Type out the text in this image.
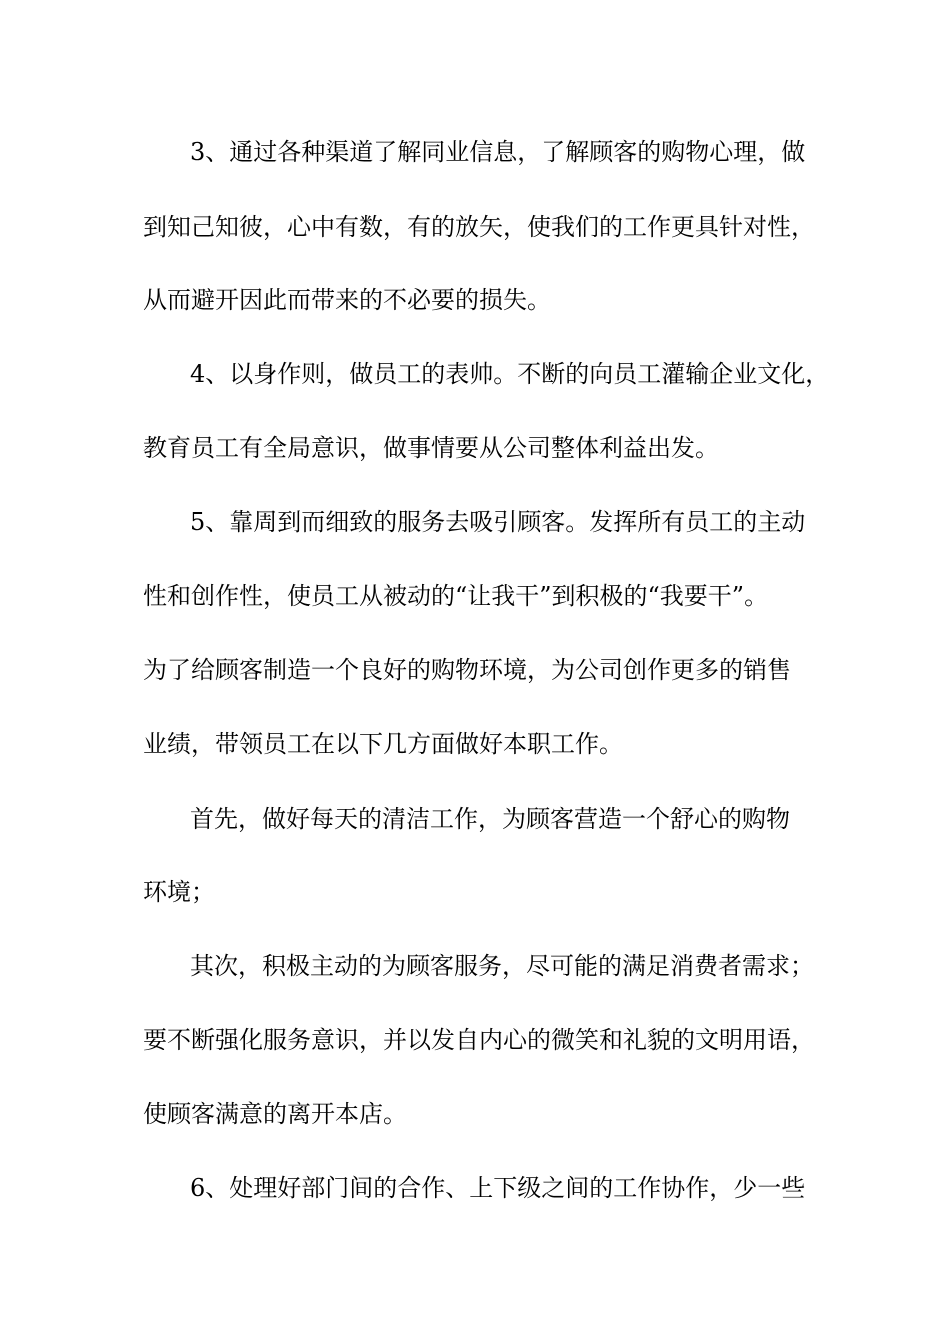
3、通过各种渠道了解同业信息，了解顾客的购物心理，做
到知己知彼，心中有数，有的放矢，使我们的工作更具针对性，
从而避开因此而带来的不必要的损失。
4、以身作则，做员工的表帅。不断的向员工灌输企业文化，
教育员工有全局意识，做事情要从公司整体利益出发。
5、靠周到而细致的服务去吸引顾客。发挥所有员工的主动
性和创作性，使员工从被动的“让我干”到积极的“我要干”。
为了给顾客制造一个良好的购物环境，为公司创作更多的销售
业绩，带领员工在以下几方面做好本职工作。
首先，做好每天的清洁工作，为顾客营造一个舒心的购物
环境；
其次，积极主动的为顾客服务，尽可能的满足消费者需求；
要不断强化服务意识，并以发自内心的微笑和礼貌的文明用语，
使顾客满意的离开本店。
6、处理好部门间的合作、上下级之间的工作协作，少一些
